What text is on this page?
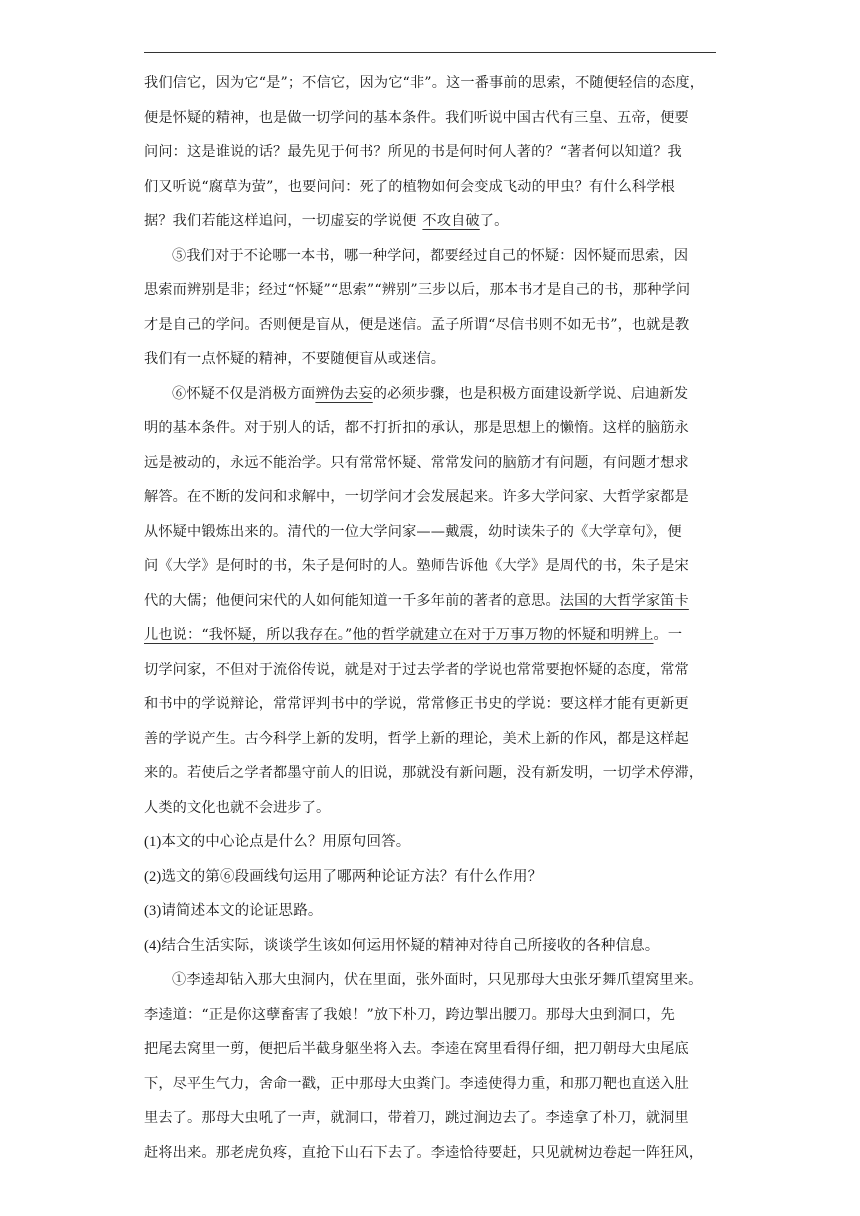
我们信它，因为它“是”；不信它，因为它“非”。这一番事前的思索，不随便轻信的态度，
便是怀疑的精神，也是做一切学问的基本条件。我们听说中国古代有三皇、五帝，便要
问问：这是谁说的话？最先见于何书？所见的书是何时何人著的？“著者何以知道？我
们又听说“腐草为萤”，也要问问：死了的植物如何会变成飞动的甲虫？有什么科学根
据？我们若能这样追问，一切虚妄的学说便 不攻自破了。
⑤我们对于不论哪一本书，哪一种学问，都要经过自己的怀疑：因怀疑而思索，因
思索而辨别是非；经过“怀疑”“思索”“辨别”三步以后，那本书才是自己的书，那种学问
才是自己的学问。否则便是盲从，便是迷信。孟子所谓“尽信书则不如无书”，也就是教
我们有一点怀疑的精神，不要随便盲从或迷信。
⑥怀疑不仅是消极方面辨伪去妄的必须步骤，也是积极方面建设新学说、启迪新发
明的基本条件。对于别人的话，都不打折扣的承认，那是思想上的懒惰。这样的脑筋永
远是被动的，永远不能治学。只有常常怀疑、常常发问的脑筋才有问题，有问题才想求
解答。在不断的发问和求解中，一切学问才会发展起来。许多大学问家、大哲学家都是
从怀疑中锻炼出来的。清代的一位大学问家——戴震，幼时读朱子的《大学章句》，便
问《大学》是何时的书，朱子是何时的人。塾师告诉他《大学》是周代的书，朱子是宋
代的大儒；他便问宋代的人如何能知道一千多年前的著者的意思。法国的大哲学家笛卡
儿也说：“我怀疑，所以我存在。”他的哲学就建立在对于万事万物的怀疑和明辨上。一
切学问家，不但对于流俗传说，就是对于过去学者的学说也常常要抱怀疑的态度，常常
和书中的学说辩论，常常评判书中的学说，常常修正书史的学说：要这样才能有更新更
善的学说产生。古今科学上新的发明，哲学上新的理论，美术上新的作风，都是这样起
来的。若使后之学者都墨守前人的旧说，那就没有新问题，没有新发明，一切学术停滞，
人类的文化也就不会进步了。
(1)本文的中心论点是什么？用原句回答。
(2)选文的第⑥段画线句运用了哪两种论证方法？有什么作用？
(3)请简述本文的论证思路。
(4)结合生活实际，谈谈学生该如何运用怀疑的精神对待自己所接收的各种信息。
①李逵却钻入那大虫洞内，伏在里面，张外面时，只见那母大虫张牙舞爪望窝里来。
李逵道：“正是你这孽畜害了我娘！”放下朴刀，跨边掣出腰刀。那母大虫到洞口，先
把尾去窝里一剪，便把后半截身躯坐将入去。李逵在窝里看得仔细，把刀朝母大虫尾底
下，尽平生气力，舍命一戳，正中那母大虫粪门。李逵使得力重，和那刀靶也直送入肚
里去了。那母大虫吼了一声，就洞口，带着刀，跳过涧边去了。李逵拿了朴刀，就洞里
赶将出来。那老虎负疼，直抢下山石下去了。李逵恰待要赶，只见就树边卷起一阵狂风，
